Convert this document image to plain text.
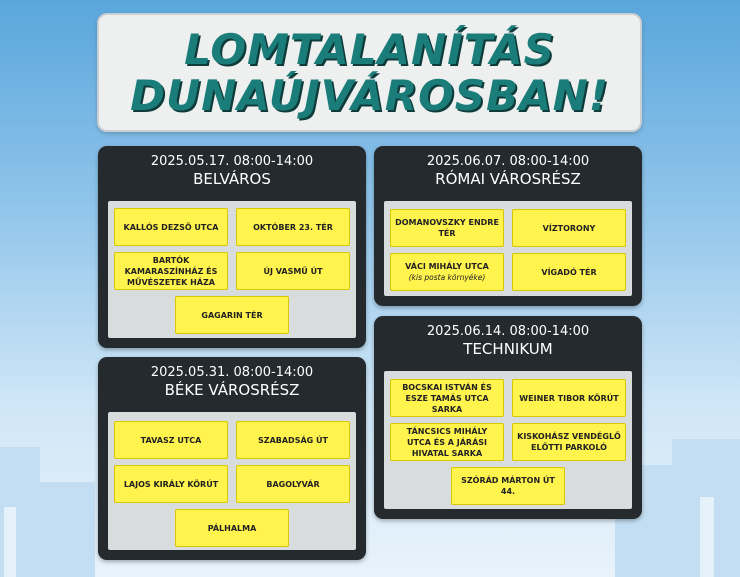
LOMTALANÍTÁS
DUNAÚJVÁROSBAN!
2025.05.17. 08:00-14:00
BELVÁROS
KALLÓS DEZSŐ UTCA	OKTÓBER 23. TÉR
BARTÓK KAMARASZÍNHÁZ ÉS MŰVÉSZETEK HÁZA
ÚJ VASMŰ ÚT
GAGARIN TÉR
2025.06.07. 08:00-14:00
RÓMAI VÁROSRÉSZ
DOMANOVSZKY ENDRE TÉR
VÍZTORONY
VÁCI MIHÁLY UTCA
(kis posta környéke)
VÍGADÓ TÉR
2025.05.31. 08:00-14:00
BÉKE VÁROSRÉSZ
TAVASZ UTCA	SZABADSÁG ÚT
LAJOS KIRÁLY KÖRÚT	BAGOLYVÁR
PÁLHALMA
2025.06.14. 08:00-14:00
TECHNIKUM
BOCSKAI ISTVÁN ÉS ESZE TAMÁS UTCA SARKA
WEINER TIBOR KÖRÚT
TÁNCSICS MIHÁLY UTCA ÉS A JÁRÁSI HIVATAL SARKA
KISKOHÁSZ VENDÉGLŐ ELŐTTI PARKOLÓ
SZÓRÁD MÁRTON ÚT 44.
